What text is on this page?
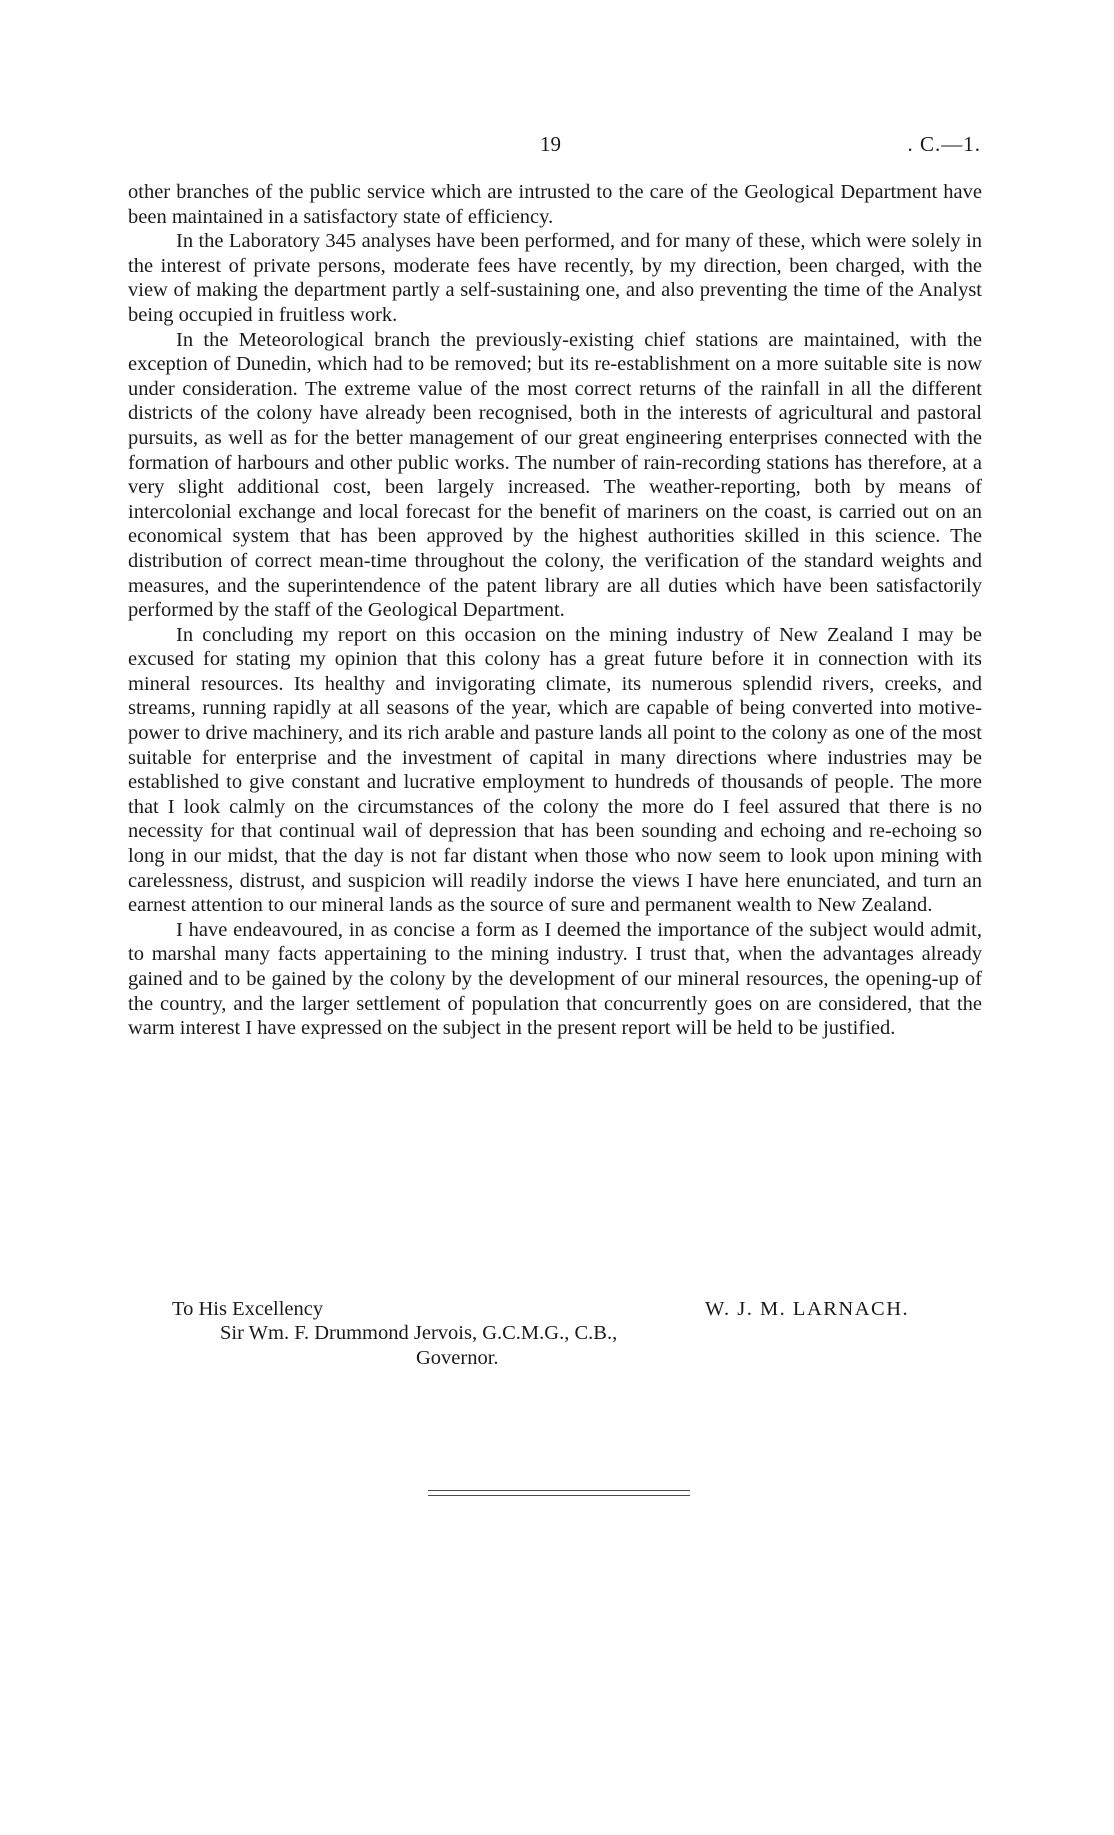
19	. C.—1.

other branches of the public service which are intrusted to the care of the Geological Department have been maintained in a satisfactory state of efficiency.

In the Laboratory 345 analyses have been performed, and for many of these, which were solely in the interest of private persons, moderate fees have recently, by my direction, been charged, with the view of making the department partly a self-sustaining one, and also preventing the time of the Analyst being occupied in fruitless work.

In the Meteorological branch the previously-existing chief stations are maintained, with the exception of Dunedin, which had to be removed; but its re-establishment on a more suitable site is now under consideration. The extreme value of the most correct returns of the rainfall in all the different districts of the colony have already been recognised, both in the interests of agricultural and pastoral pursuits, as well as for the better management of our great engineering enterprises connected with the formation of harbours and other public works. The number of rain-recording stations has therefore, at a very slight additional cost, been largely increased. The weather-reporting, both by means of intercolonial exchange and local forecast for the benefit of mariners on the coast, is carried out on an economical system that has been approved by the highest authorities skilled in this science. The distribution of correct mean-time throughout the colony, the verification of the standard weights and measures, and the superintendence of the patent library are all duties which have been satisfactorily performed by the staff of the Geological Department.

In concluding my report on this occasion on the mining industry of New Zealand I may be excused for stating my opinion that this colony has a great future before it in connection with its mineral resources. Its healthy and invigorating climate, its numerous splendid rivers, creeks, and streams, running rapidly at all seasons of the year, which are capable of being converted into motive-power to drive machinery, and its rich arable and pasture lands all point to the colony as one of the most suitable for enterprise and the investment of capital in many directions where industries may be established to give constant and lucrative employment to hundreds of thousands of people. The more that I look calmly on the circumstances of the colony the more do I feel assured that there is no necessity for that continual wail of depression that has been sounding and echoing and re-echoing so long in our midst, that the day is not far distant when those who now seem to look upon mining with carelessness, distrust, and suspicion will readily indorse the views I have here enunciated, and turn an earnest attention to our mineral lands as the source of sure and permanent wealth to New Zealand.

I have endeavoured, in as concise a form as I deemed the importance of the subject would admit, to marshal many facts appertaining to the mining industry. I trust that, when the advantages already gained and to be gained by the colony by the development of our mineral resources, the opening-up of the country, and the larger settlement of population that concurrently goes on are considered, that the warm interest I have expressed on the subject in the present report will be held to be justified.

To His Excellency	W. J. M. LARNACH.
Sir Wm. F. Drummond Jervois, G.C.M.G., C.B.,
Governor.
